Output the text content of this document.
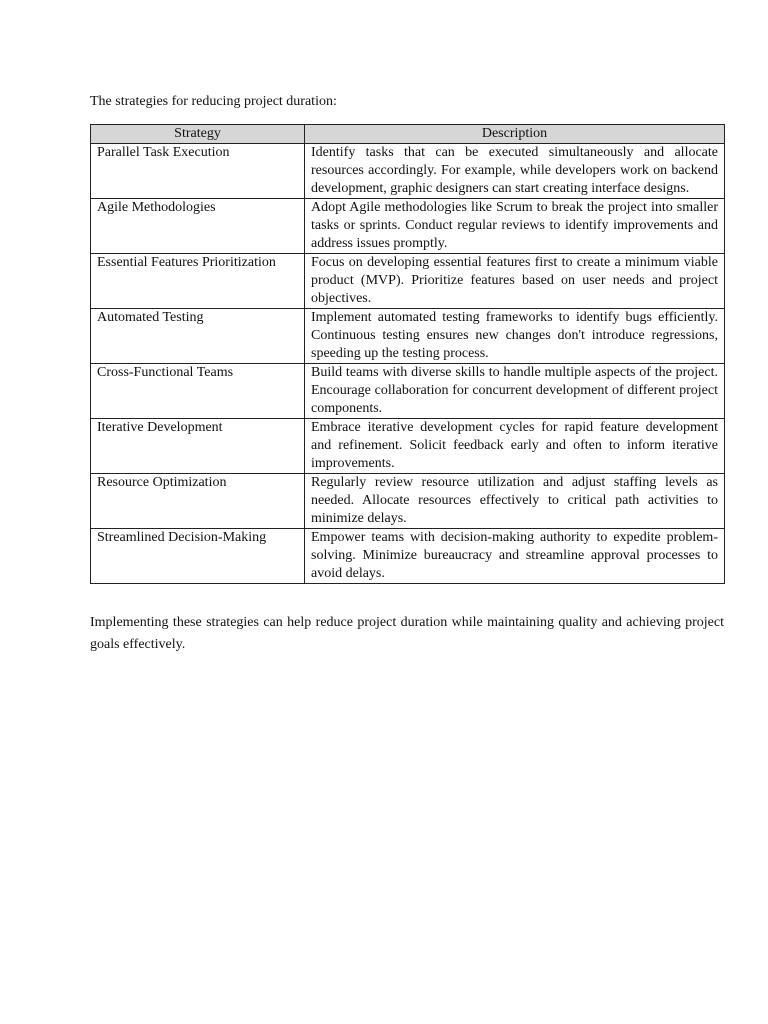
The strategies for reducing project duration:

Strategy	Description
Parallel Task Execution	Identify tasks that can be executed simultaneously and allocate resources accordingly. For example, while developers work on backend development, graphic designers can start creating interface designs.
Agile Methodologies	Adopt Agile methodologies like Scrum to break the project into smaller tasks or sprints. Conduct regular reviews to identify improvements and address issues promptly.
Essential Features Prioritization	Focus on developing essential features first to create a minimum viable product (MVP). Prioritize features based on user needs and project objectives.
Automated Testing	Implement automated testing frameworks to identify bugs efficiently. Continuous testing ensures new changes don't introduce regressions, speeding up the testing process.
Cross-Functional Teams	Build teams with diverse skills to handle multiple aspects of the project. Encourage collaboration for concurrent development of different project components.
Iterative Development	Embrace iterative development cycles for rapid feature development and refinement. Solicit feedback early and often to inform iterative improvements.
Resource Optimization	Regularly review resource utilization and adjust staffing levels as needed. Allocate resources effectively to critical path activities to minimize delays.
Streamlined Decision-Making	Empower teams with decision-making authority to expedite problem-solving. Minimize bureaucracy and streamline approval processes to avoid delays.

Implementing these strategies can help reduce project duration while maintaining quality and achieving project goals effectively.
